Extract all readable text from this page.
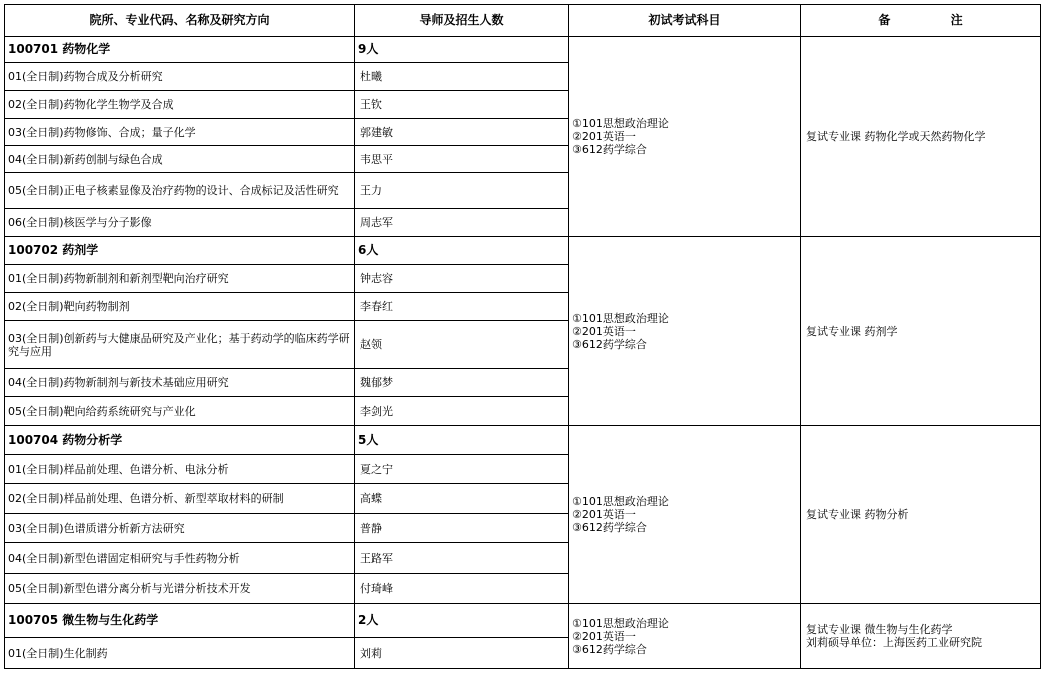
院所、专业代码、名称及研究方向	导师及招生人数	初试考试科目	备 注
100701 药物化学	9人
01(全日制)药物合成及分析研究	杜曦
02(全日制)药物化学生物学及合成	王钦
03(全日制)药物修饰、合成；量子化学	郭建敏
04(全日制)新药创制与绿色合成	韦思平
05(全日制)正电子核素显像及治疗药物的设计、合成标记及活性研究 王力
06(全日制)核医学与分子影像	周志军
①101思想政治理论
②201英语一
③612药学综合
复试专业课 药物化学或天然药物化学
100702 药剂学	6人
01(全日制)药物新制剂和新剂型靶向治疗研究	钟志容
02(全日制)靶向药物制剂	李春红
03(全日制)创新药与大健康品研究及产业化；基于药动学的临床药学研究与应用	赵领
04(全日制)药物新制剂与新技术基础应用研究	魏郁梦
05(全日制)靶向给药系统研究与产业化	李剑光
①101思想政治理论
②201英语一
③612药学综合
复试专业课 药剂学
100704 药物分析学	5人
01(全日制)样品前处理、色谱分析、电泳分析	夏之宁
02(全日制)样品前处理、色谱分析、新型萃取材料的研制	高蝶
03(全日制)色谱质谱分析新方法研究	普静
04(全日制)新型色谱固定相研究与手性药物分析	王路军
05(全日制)新型色谱分离分析与光谱分析技术开发	付琦峰
①101思想政治理论
②201英语一
③612药学综合
复试专业课 药物分析
100705 微生物与生化药学	2人
01(全日制)生化制药	刘莉
①101思想政治理论
②201英语一
③612药学综合
复试专业课 微生物与生化药学
刘莉硕导单位：上海医药工业研究院
